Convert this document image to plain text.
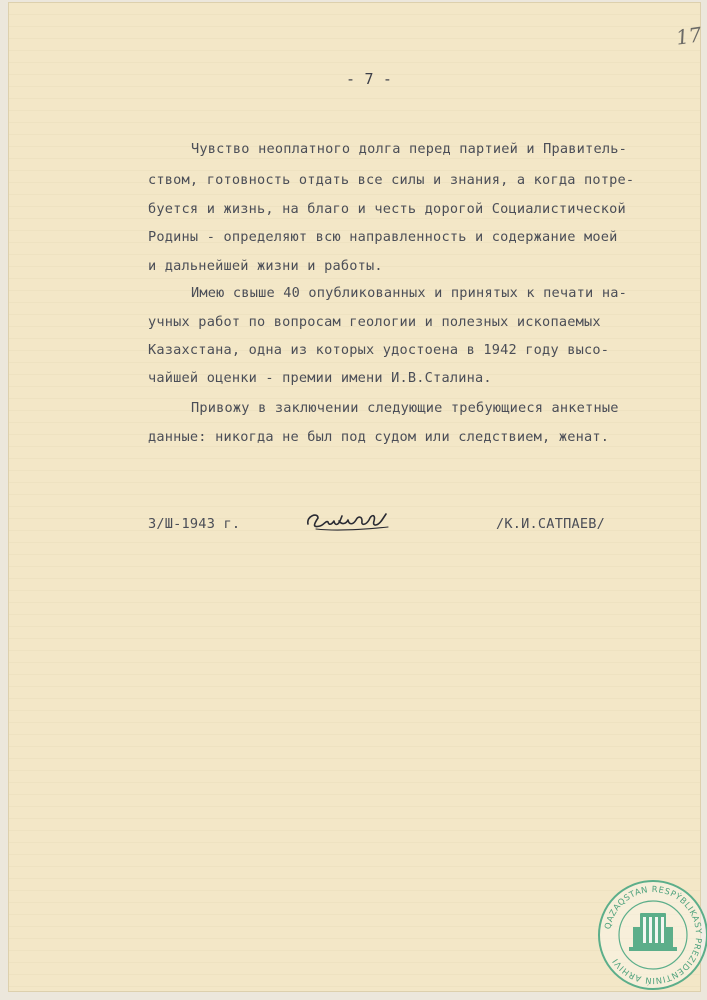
- 7 -
17
Чувство неоплатного долга перед партией и Правитель-
ством, готовность отдать все силы и знания, а когда потре-
буется и жизнь, на благо и честь дорогой Социалистической
Родины - определяют всю направленность и содержание моей
и дальнейшей жизни и работы.
Имею свыше 40 опубликованных и принятых к печати на-
учных работ по вопросам геологии и полезных ископаемых
Казахстана, одна из которых удостоена в 1942 году высо-
чайшей оценки - премии имени И.В.Сталина.
Привожу в заключении следующие требующиеся анкетные
данные: никогда не был под судом или следствием, женат.
3/Ш-1943 г.	/К.И.САТПАЕВ/
QAZAQSTAN RESPÝBLIKASY PREZIDENTINIŃ ARHIVI
